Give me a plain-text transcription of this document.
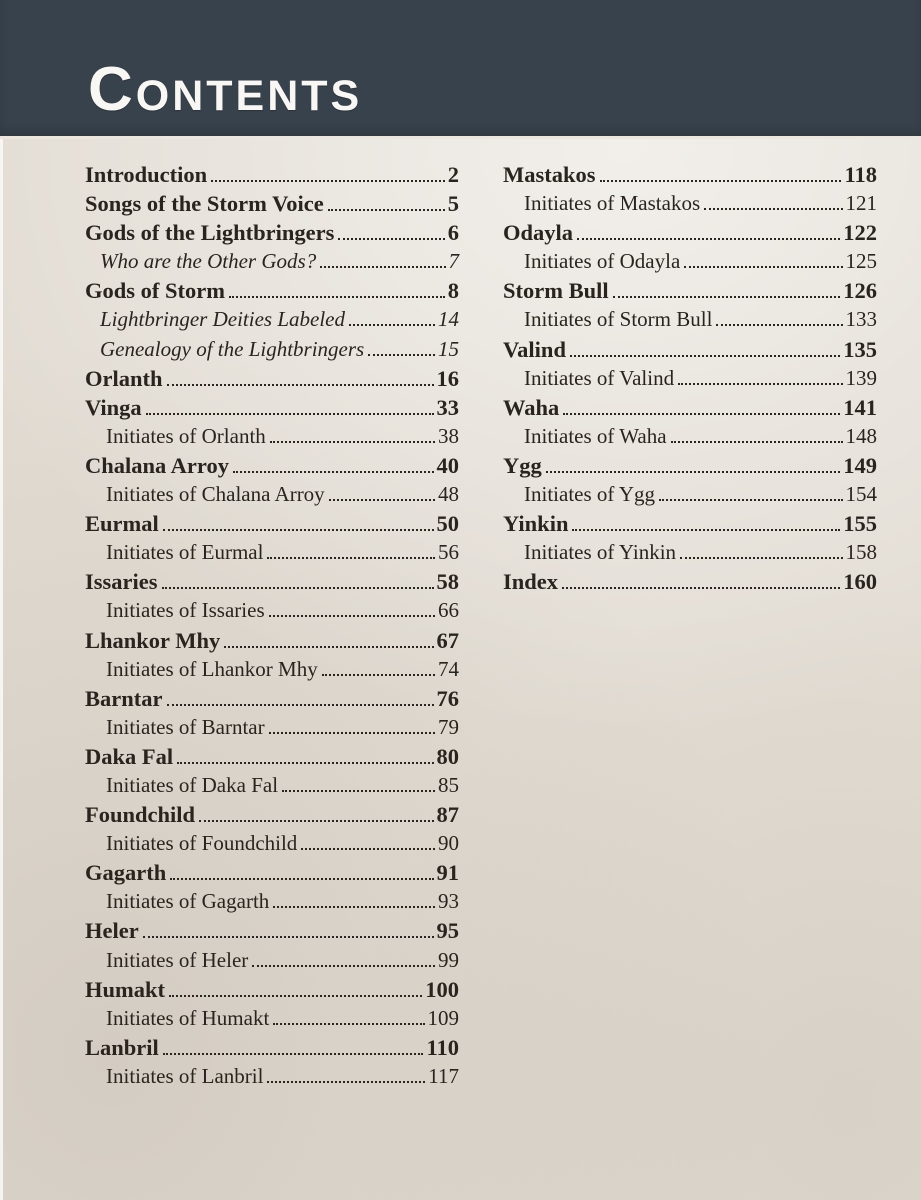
Contents
Introduction	2
Songs of the Storm Voice	5
Gods of the Lightbringers	6
Who are the Other Gods?	7
Gods of Storm	8
Lightbringer Deities Labeled	14
Genealogy of the Lightbringers	15
Orlanth	16
Vinga	33
Initiates of Orlanth	38
Chalana Arroy	40
Initiates of Chalana Arroy	48
Eurmal	50
Initiates of Eurmal	56
Issaries	58
Initiates of Issaries	66
Lhankor Mhy	67
Initiates of Lhankor Mhy	74
Barntar	76
Initiates of Barntar	79
Daka Fal	80
Initiates of Daka Fal	85
Foundchild	87
Initiates of Foundchild	90
Gagarth	91
Initiates of Gagarth	93
Heler	95
Initiates of Heler	99
Humakt	100
Initiates of Humakt	109
Lanbril	110
Initiates of Lanbril	117
Mastakos	118
Initiates of Mastakos	121
Odayla	122
Initiates of Odayla	125
Storm Bull	126
Initiates of Storm Bull	133
Valind	135
Initiates of Valind	139
Waha	141
Initiates of Waha	148
Ygg	149
Initiates of Ygg	154
Yinkin	155
Initiates of Yinkin	158
Index	160
